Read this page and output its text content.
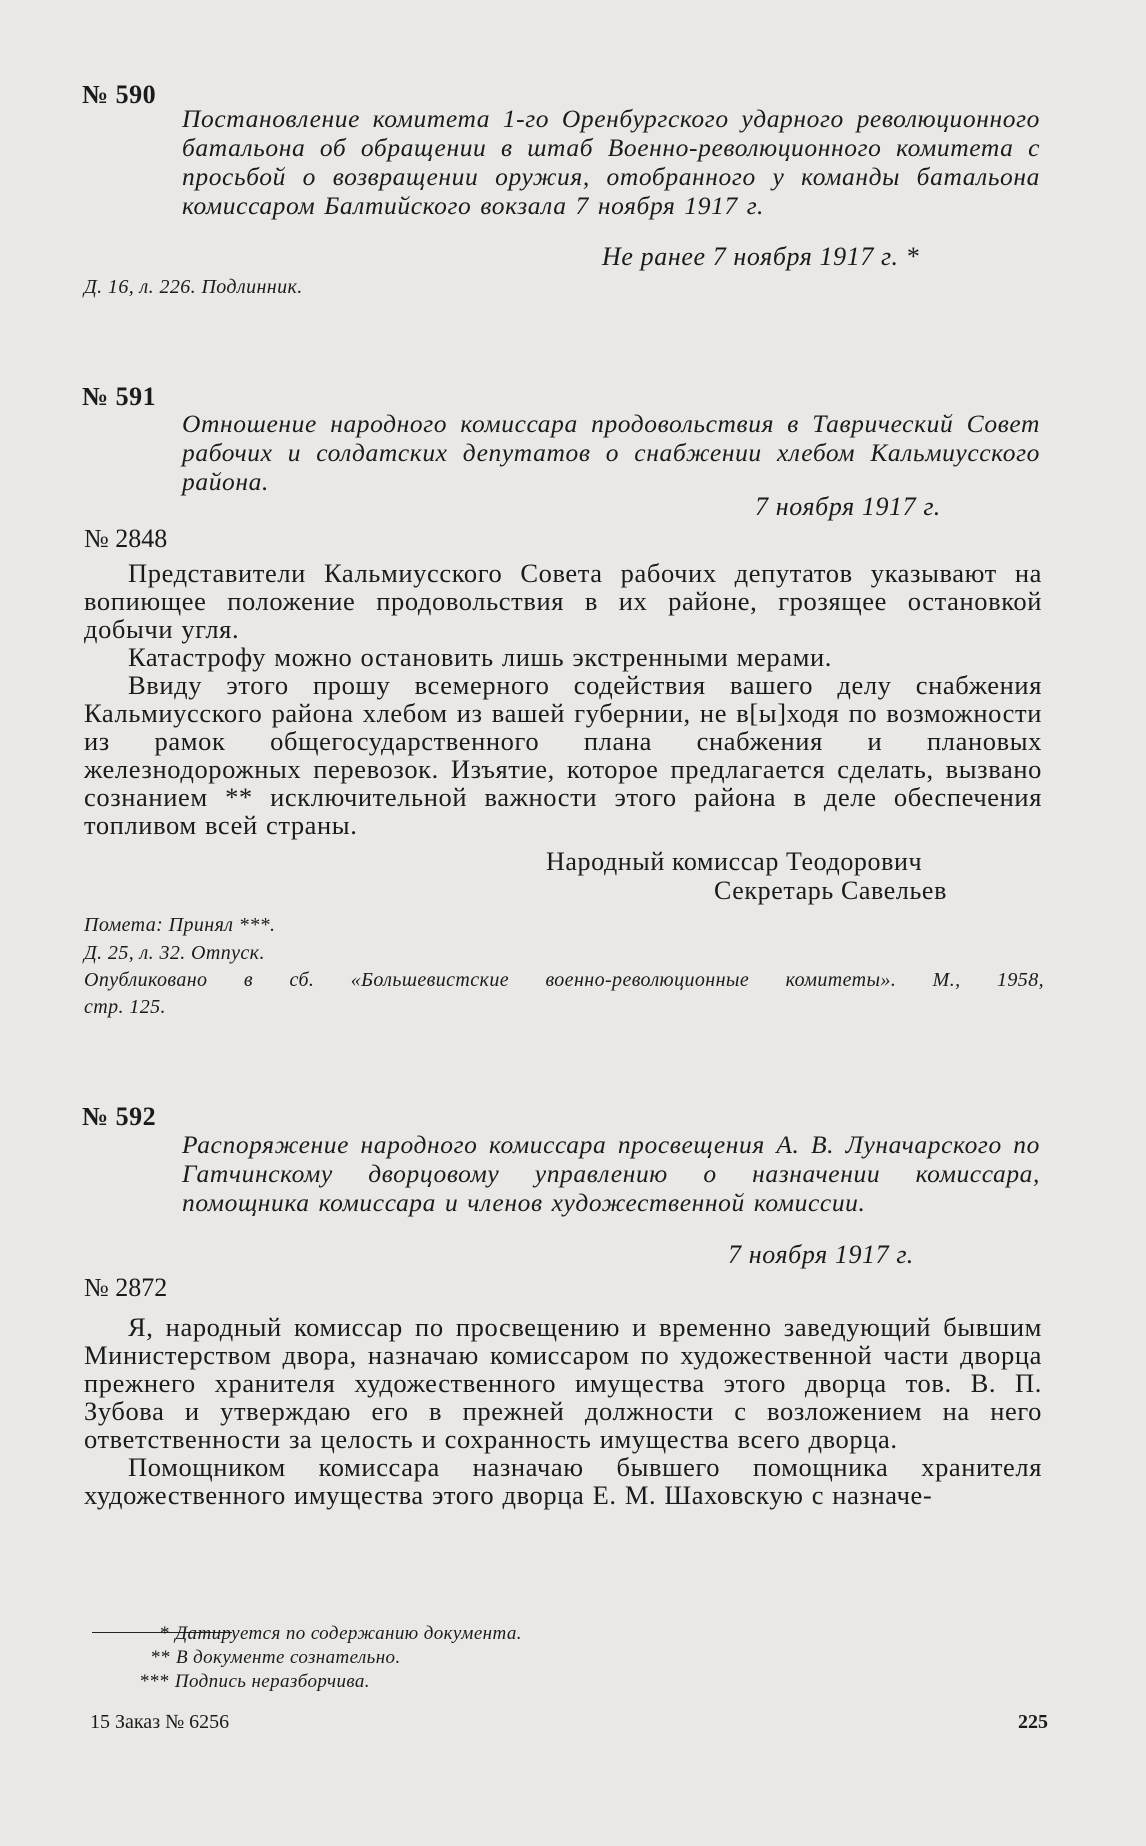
№ 590
Постановление комитета 1-го Оренбургского ударного революционного батальона об обращении в штаб Военно-революционного комитета с просьбой о возвращении оружия, отобранного у команды батальона комиссаром Балтийского вокзала 7 ноября 1917 г.
Не ранее 7 ноября 1917 г. *
Д. 16, л. 226. Подлинник.
№ 591
Отношение народного комиссара продовольствия в Таврический Совет рабочих и солдатских депутатов о снабжении хлебом Кальмиусского района.
7 ноября 1917 г.
№ 2848

Представители Кальмиусского Совета рабочих депутатов указывают на вопиющее положение продовольствия в их районе, грозящее остановкой добычи угля.

Катастрофу можно остановить лишь экстренными мерами.

Ввиду этого прошу всемерного содействия вашего делу снабжения Кальмиусского района хлебом из вашей губернии, не в[ы]ходя по возможности из рамок общегосударственного плана снабжения и плановых железнодорожных перевозок. Изъятие, которое предлагается сделать, вызвано сознанием ** исключительной важности этого района в деле обеспечения топливом всей страны.

Народный комиссар Теодорович
Секретарь Савельев
Помета: Принял ***.
Д. 25, л. 32. Отпуск.
Опубликовано в сб. «Большевистские военно-революционные комитеты». М., 1958,
стр. 125.
№ 592
Распоряжение народного комиссара просвещения А. В. Луначарского по Гатчинскому дворцовому управлению о назначении комиссара, помощника комиссара и членов художественной комиссии.
7 ноября 1917 г.
№ 2872

Я, народный комиссар по просвещению и временно заведующий бывшим Министерством двора, назначаю комиссаром по художественной части дворца прежнего хранителя художественного имущества этого дворца тов. В. П. Зубова и утверждаю его в прежней должности с возложением на него ответственности за целость и сохранность имущества всего дворца.

Помощником комиссара назначаю бывшего помощника хранителя художественного имущества этого дворца Е. М. Шаховскую с назначе-

* Датируется по содержанию документа.
** В документе сознательно.
*** Подпись неразборчива.
15 Заказ № 6256	225
